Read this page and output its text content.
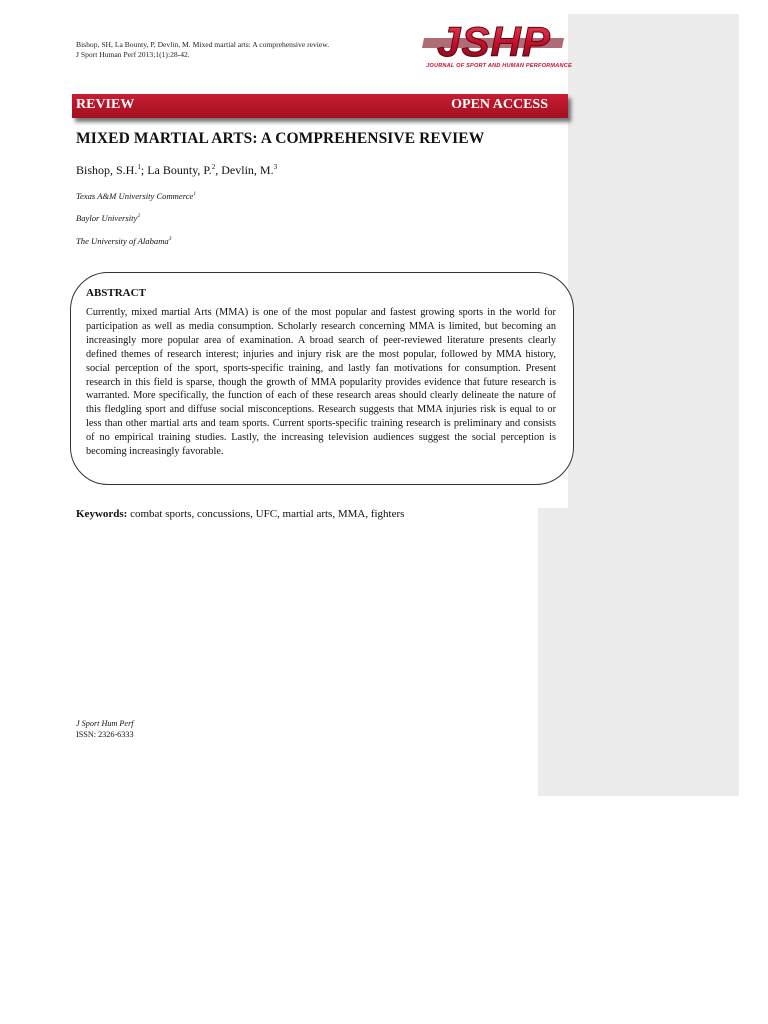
Bishop, SH, La Bounty, P, Devlin, M. Mixed martial arts: A comprehensive review.
J Sport Human Perf 2013;1(1):28-42.	JSHP
JOURNAL OF SPORT AND HUMAN PERFORMANCE
REVIEW	OPEN ACCESS
MIXED MARTIAL ARTS: A COMPREHENSIVE REVIEW
Bishop, S.H.$^1$; La Bounty, P.$^2$, Devlin, M.$^3$
Texas A&M University Commerce$^1$
Baylor University$^2$
The University of Alabama$^3$
ABSTRACT
Currently, mixed martial Arts (MMA) is one of the most popular and fastest growing sports in the world for participation as well as media consumption. Scholarly research concerning MMA is limited, but becoming an increasingly more popular area of examination. A broad search of peer-reviewed literature presents clearly defined themes of research interest; injuries and injury risk are the most popular, followed by MMA history, social perception of the sport, sports-specific training, and lastly fan motivations for consumption. Present research in this field is sparse, though the growth of MMA popularity provides evidence that future research is warranted. More specifically, the function of each of these research areas should clearly delineate the nature of this fledgling sport and diffuse social misconceptions. Research suggests that MMA injuries risk is equal to or less than other martial arts and team sports. Current sports-specific training research is preliminary and consists of no empirical training studies. Lastly, the increasing television audiences suggest the social perception is becoming increasingly favorable.
Keywords: combat sports, concussions, UFC, martial arts, MMA, fighters
J Sport Hum Perf
ISSN: 2326-6333
